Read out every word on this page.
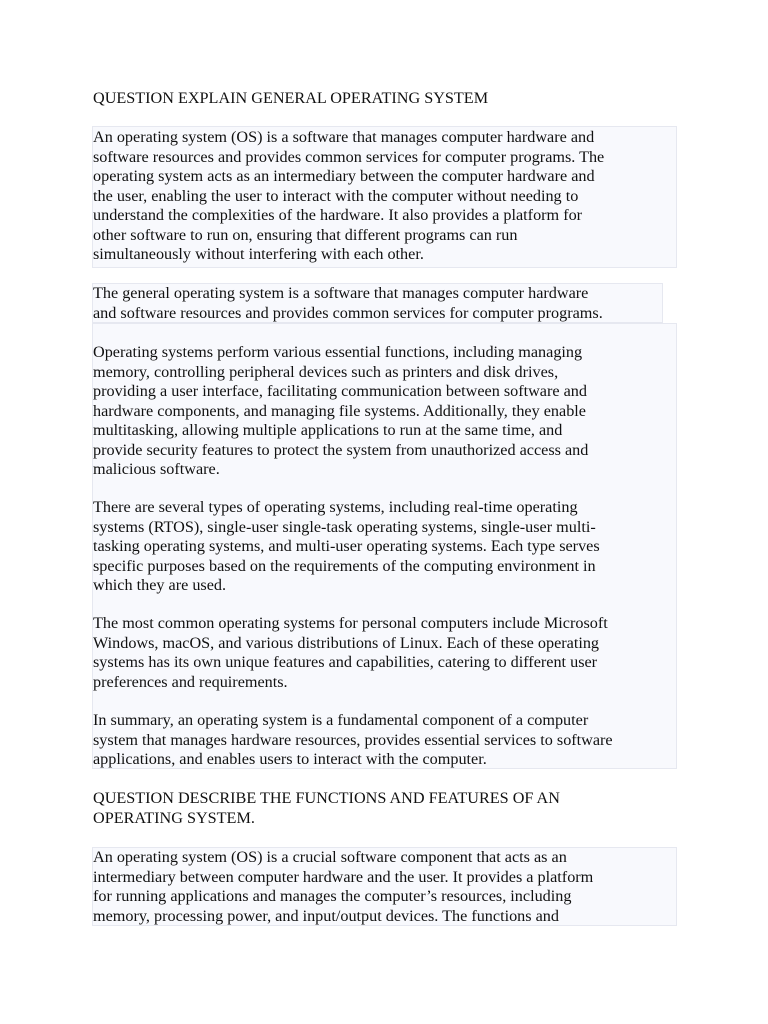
QUESTION EXPLAIN GENERAL OPERATING SYSTEM

An operating system (OS) is a software that manages computer hardware and
software resources and provides common services for computer programs. The
operating system acts as an intermediary between the computer hardware and
the user, enabling the user to interact with the computer without needing to
understand the complexities of the hardware. It also provides a platform for
other software to run on, ensuring that different programs can run
simultaneously without interfering with each other.

The general operating system is a software that manages computer hardware
and software resources and provides common services for computer programs.

Operating systems perform various essential functions, including managing
memory, controlling peripheral devices such as printers and disk drives,
providing a user interface, facilitating communication between software and
hardware components, and managing file systems. Additionally, they enable
multitasking, allowing multiple applications to run at the same time, and
provide security features to protect the system from unauthorized access and
malicious software.

There are several types of operating systems, including real-time operating
systems (RTOS), single-user single-task operating systems, single-user multi-
tasking operating systems, and multi-user operating systems. Each type serves
specific purposes based on the requirements of the computing environment in
which they are used.

The most common operating systems for personal computers include Microsoft
Windows, macOS, and various distributions of Linux. Each of these operating
systems has its own unique features and capabilities, catering to different user
preferences and requirements.

In summary, an operating system is a fundamental component of a computer
system that manages hardware resources, provides essential services to software
applications, and enables users to interact with the computer.

QUESTION DESCRIBE THE FUNCTIONS AND FEATURES OF AN
OPERATING SYSTEM.

An operating system (OS) is a crucial software component that acts as an
intermediary between computer hardware and the user. It provides a platform
for running applications and manages the computer’s resources, including
memory, processing power, and input/output devices. The functions and
